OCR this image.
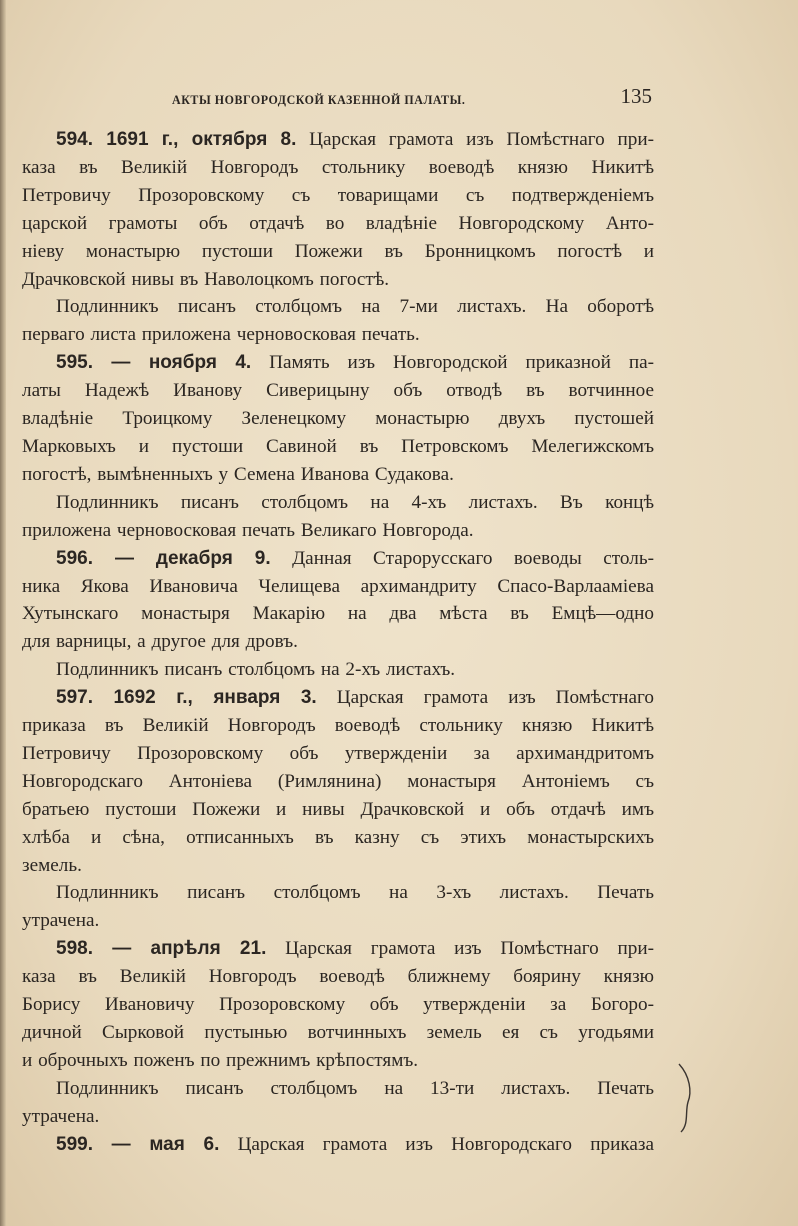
АКТЫ НОВГОРОДСКОЙ КАЗЕННОЙ ПАЛАТЫ.	135
594. 1691 г., октября 8. Царская грамота изъ Помѣстнаго при-
каза въ Великій Новгородъ стольнику воеводѣ князю Никитѣ
Петровичу Прозоровскому съ товарищами съ подтвержденіемъ
царской грамоты объ отдачѣ во владѣніе Новгородскому Анто-
ніеву монастырю пустоши Пожежи въ Бронницкомъ погостѣ и
Драчковской нивы въ Наволоцкомъ погостѣ.
Подлинникъ писанъ столбцомъ на 7-ми листахъ. На оборотѣ
перваго листа приложена черновосковая печать.
595. — ноября 4. Память изъ Новгородской приказной па-
латы Надежѣ Иванову Сиверицыну объ отводѣ въ вотчинное
владѣніе Троицкому Зеленецкому монастырю двухъ пустошей
Марковыхъ и пустоши Савиной въ Петровскомъ Мелегижскомъ
погостѣ, вымѣненныхъ у Семена Иванова Судакова.
Подлинникъ писанъ столбцомъ на 4-хъ листахъ. Въ концѣ
приложена черновосковая печать Великаго Новгорода.
596. — декабря 9. Данная Старорусскаго воеводы столь-
ника Якова Ивановича Челищева архимандриту Спасо-Варлааміева
Хутынскаго монастыря Макарію на два мѣста въ Емцѣ—одно
для варницы, а другое для дровъ.
Подлинникъ писанъ столбцомъ на 2-хъ листахъ.
597. 1692 г., января 3. Царская грамота изъ Помѣстнаго
приказа въ Великій Новгородъ воеводѣ стольнику князю Никитѣ
Петровичу Прозоровскому объ утвержденіи за архимандритомъ
Новгородскаго Антоніева (Римлянина) монастыря Антоніемъ съ
братьею пустоши Пожежи и нивы Драчковской и объ отдачѣ имъ
хлѣба и сѣна, отписанныхъ въ казну съ этихъ монастырскихъ
земель.
Подлинникъ писанъ столбцомъ на 3-хъ листахъ. Печать
утрачена.
598. — апрѣля 21. Царская грамота изъ Помѣстнаго при-
каза въ Великій Новгородъ воеводѣ ближнему боярину князю
Борису Ивановичу Прозоровскому объ утвержденіи за Богоро-
дичной Сырковой пустынью вотчинныхъ земель ея съ угодьями
и оброчныхъ поженъ по прежнимъ крѣпостямъ.
Подлинникъ писанъ столбцомъ на 13-ти листахъ. Печать
утрачена.
599. — мая 6. Царская грамота изъ Новгородскаго приказа
